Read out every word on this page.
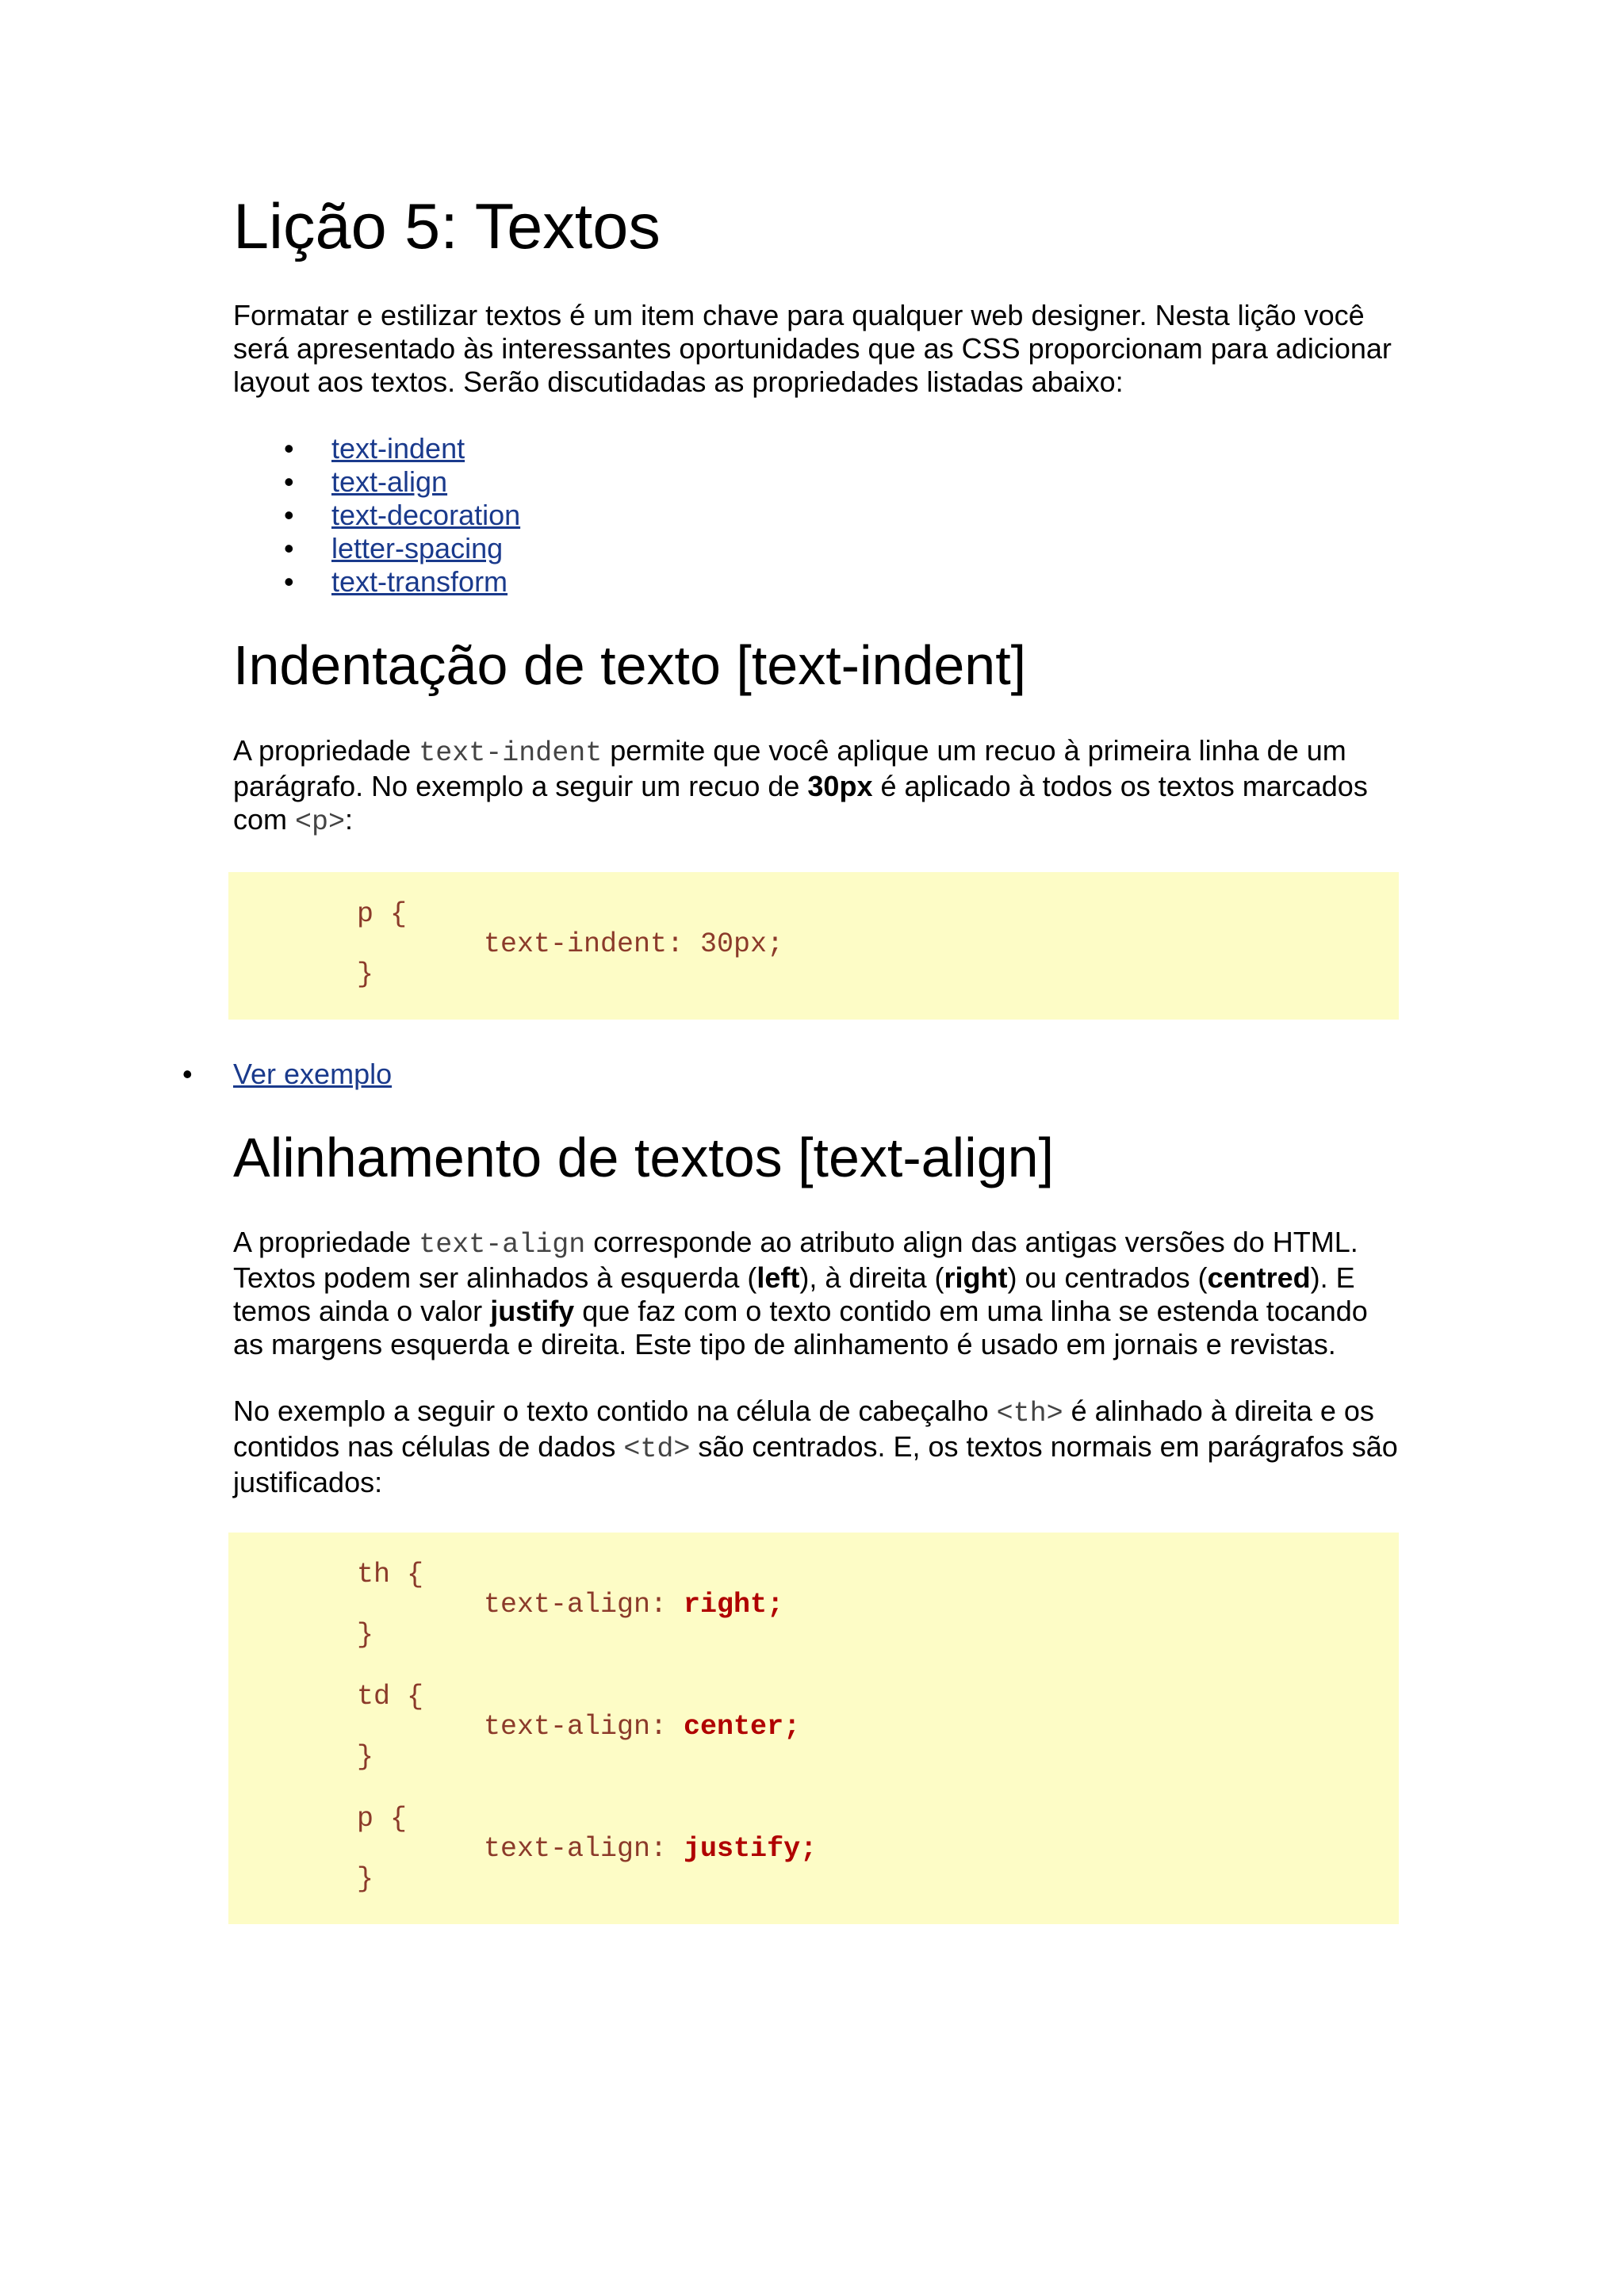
Lição 5: Textos

Formatar e estilizar textos é um item chave para qualquer web designer. Nesta lição você será apresentado às interessantes oportunidades que as CSS proporcionam para adicionar layout aos textos. Serão discutidadas as propriedades listadas abaixo:

• text-indent
• text-align
• text-decoration
• letter-spacing
• text-transform
Indentação de texto [text-indent]

A propriedade text-indent permite que você aplique um recuo à primeira linha de um parágrafo. No exemplo a seguir um recuo de 30px é aplicado à todos os textos marcados com <p>:

p {
text-indent: 30px;
}
• Ver exemplo
Alinhamento de textos [text-align]

A propriedade text-align corresponde ao atributo align das antigas versões do HTML. Textos podem ser alinhados à esquerda (left), à direita (right) ou centrados (centred). E temos ainda o valor justify que faz com o texto contido em uma linha se estenda tocando as margens esquerda e direita. Este tipo de alinhamento é usado em jornais e revistas.

No exemplo a seguir o texto contido na célula de cabeçalho <th> é alinhado à direita e os contidos nas células de dados <td> são centrados. E, os textos normais em parágrafos são justificados:

th {
text-align: right;
}
td {
text-align: center;
}
p {
text-align: justify;
}
